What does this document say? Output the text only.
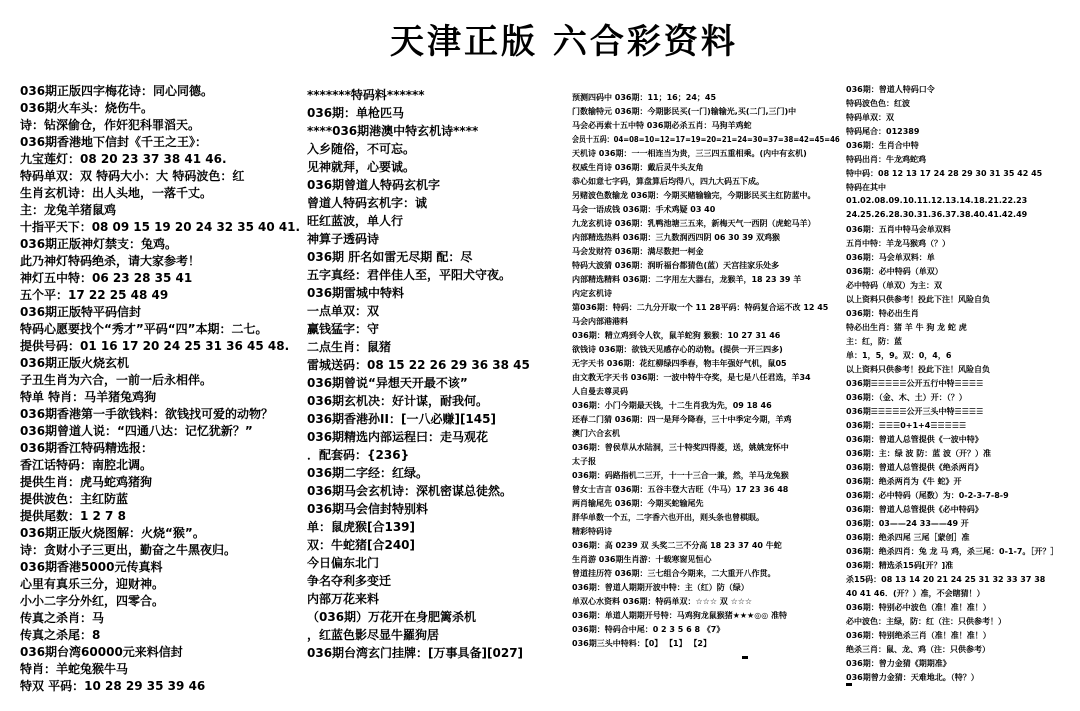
天津正版 六合彩资料
036期正版四字梅花诗：同心同德。
036期火车头：烧伤牛。
诗：钻深偷仓，作奸犯科罪滔天。
036期香港地下信封《千王之王》：
九宝莲灯：08 20 23 37 38 41 46.
特码单双：双 特码大小：大 特码波色：红
生肖玄机诗：出人头地，一落千丈。
主：龙兔羊猪鼠鸡
十指平天下：08 09 15 19 20 24 32 35 40 41.
036期正版神灯禁支：兔鸡。
此乃神灯特码绝杀，请大家参考！
神灯五中特：06 23 28 35 41
五个平：17 22 25 48 49
036期正版特平码信封
特码心愿要找个“秀才”平码“四”本期：二七。
提供号码：01 16 17 20 24 25 31 36 45 48.
036期正版火烧玄机
子丑生肖为六合，一前一后永相伴。
特单 特肖：马羊猪兔鸡狗
036期香港第一手欲钱料：欲钱找可爱的动物？
036期曾道人说：“四通八达：记忆犹新？”
036期香江特码精选报：
香江话特码：南腔北调。
提供生肖：虎马蛇鸡猪狗
提供波色：主红防蓝
提供尾数：1 2 7 8
036期正版火烧图解：火烧“猴”。
诗：贪财小子三更出，勤奋之牛黑夜归。
036期香港5000元传真料
心里有真乐三分，迎财神。
小小二字分外红，四零合。
传真之杀肖：马
传真之杀尾：8
036期台湾60000元来料信封
特肖：羊蛇兔猴牛马
特双 平码：10 28 29 35 39 46
*******特码料******
036期：单枪匹马
****036期港澳中特玄机诗****
入乡随俗，不可忘。
见神就拜，心要诚。
036期曾道人特码玄机字
曾道人特码玄机字：诚
旺红蓝波，单人行
神算子透码诗
036期 肝名如雷无尽期 配：尽
五字真经：君伴佳人至，平阳犬守夜。
036期雷城中特料
一点单双：双
赢钱猛字：守
二点生肖：鼠猪
雷城送码：08 15 22 26 29 36 38 45
036期曾说“异想天开最不该”
036期玄机决：好计谋，耐我何。
036期香港孙II：[一八必赚][145]
036期精选内部运程曰：走马观花
．配套码：{236}
036期二字经：红绿。
036期马会玄机诗：深机密谋总徒然。
036期马会信封特别料
单：鼠虎猴[合139]
双：牛蛇猪[合240]
今日偏东北门
争名夺利多变迁
内部万花来料
（036期）万花开在身肥篱杀机
，红蓝色影尽显牛羅狗居
036期台湾玄门挂牌：[万事具备][027]
预测四码中 036期：11；16；24；45
门数输特元 036期：今期影民买(一门)输输光,买(二门,三门)中
马会必再索十五中特 036期必杀五肖：马狗羊鸡蛇
会员十五码：04=08=10=12=17=19=20=21=24=30=37=38=42=45=46
天机诗 036期：一一相连当为贵，三三四五重相乘。(内中有玄机)
权威生肖诗 036期：戴后灵牛头友角
恭心如意七字码，算盘算后均得八，四九大码五下成。
另赌波色数输龙 036期：今期买赌输输完，今期影民买主红防蓝中。
马会一语成钱 036期：手术鸡疑 03 40
九龙玄机诗 036期：乳鸭池塘三五来，新梅天气一西阴（虎蛇马羊）
内部精选热料 036期：三九数润西四阴 06 30 39 双鸡猴
马会发财符 036期：满尽数把一柯金
特码大波猜 036期：润昕福台都猜色(蓝）天宫挂家乐处多
内部精选精料 036期：二字用左大器右，龙猴羊，18 23 39 羊
内定玄机诗
第036期：特码：二九分开取一个 11 28平码：特码复合运不改 12 45
马会内部港港料
036期：精立鸡到令人钦，鼠羊蛇狗 猴猴：10 27 31 46
欲钱诗 036期：欲钱天见感存心的动物。(提供一开三四多)
无字天书 036期：花红柳绿四季春，物丰年强好气机，鼠05
由文教无字天书 036期：一波中特牛夺奖，是七是八任君选，羊34
人自曼去尊灵码
036期：小门今期最天钱，十二生肖我为先，09 18 46
还春二门猜 036期：四一是拜今降春，三十中季定今期，羊鸡
澳门六合玄机
036期：曾侯草从水陆洞，三十特奖四得菱，送，姚姚宠怀中
太子报
036期：码路指机二三开，十一十三合一兼，然，羊马龙兔猴
曾女士吉言 036期：五谷丰登大吉旺（牛马）17 23 36 48
两肖输尾先 036期：今期买蛇输尾先
胖华单数一个五，二字香六也开出，则头条也曾棋眼。
精彩特码诗
036期：高 0239 双 头奖二三不分高 18 23 37 40 牛蛇
生肖游 036期生肖游：十载寒窗见恒心
曾道挂历符 036期：三七组合今期来，二大重开八作贯。
036期：曾道人期期开波中特：主（红）防（绿）
单双心水资料 036期：特码单双：☆☆☆ 双 ☆☆☆
036期：单道人期期开号特：马鸡狗龙鼠猴猪★★★◎◎ 准特
036期：特码合中尾：0 2 3 5 6 8 《7》
036期三头中特料：【0】 【1】 【2】
036期：曾道人特码口令
特码波色色：红波
特码单双：双
特码尾合：012389
036期：生肖合中特
特码出肖：牛龙鸡蛇鸡
特中码：08 12 13 17 24 28 29 30 31 35 42 45
特码在其中
01.02.08.09.10.11.12.13.14.18.21.22.23
24.25.26.28.30.31.36.37.38.40.41.42.49
036期：五肖中特马会单双料
五肖中特：羊龙马猴鸡（？）
036期：马会单双料：单
036期：必中特码（单双）
必中特码（单双）为主：双
以上资料只供参考！投此下注！风险自负
036期：特必出生肖
特必出生肖：猪 羊 牛 狗 龙 蛇 虎
主：红，防：蓝
单：1，5，9。双：0，4，6
以上资料只供参考！投此下注！风险自负
036期☰☰☰☰☰公开五行中特☰☰☰☰
036期：（金、木、土）开：（？）
036期☰☰☰☰☰公开三头中特☰☰☰☰
036期：☰☰☰0+1+4☰☰☰☰☰
036期：曾道人总管提供《一波中特》
036期：主：绿 波 防：蓝 波（开？）准
036期：曾道人总管提供《绝杀两肖》
036期：绝杀两肖为《牛 蛇》开
036期：必中特码（尾数）为：0-2-3-7-8-9
036期：曾道人总管提供《必中特码》
036期：03——24 33——49 开
036期：绝杀四尾 三尾［蒙创］准
036期：绝杀四肖：兔 龙 马 鸡，杀三尾：0-1-7。［开？］
036期：精选杀15码[开？]准
杀15码：08 13 14 20 21 24 25 31 32 33 37 38
40 41 46．(开？）准，不会瞎猜！）
036期：特别必中波色（准！准！准！）
必中波色：主绿，防：红（注：只供参考！）
036期：特别绝杀三肖（准！准！准！）
绝杀三肖：鼠、龙、鸡（注：只供参考）
036期：曾力金猜《期期准》
036期曾力金猜：天难地北。（特？）
